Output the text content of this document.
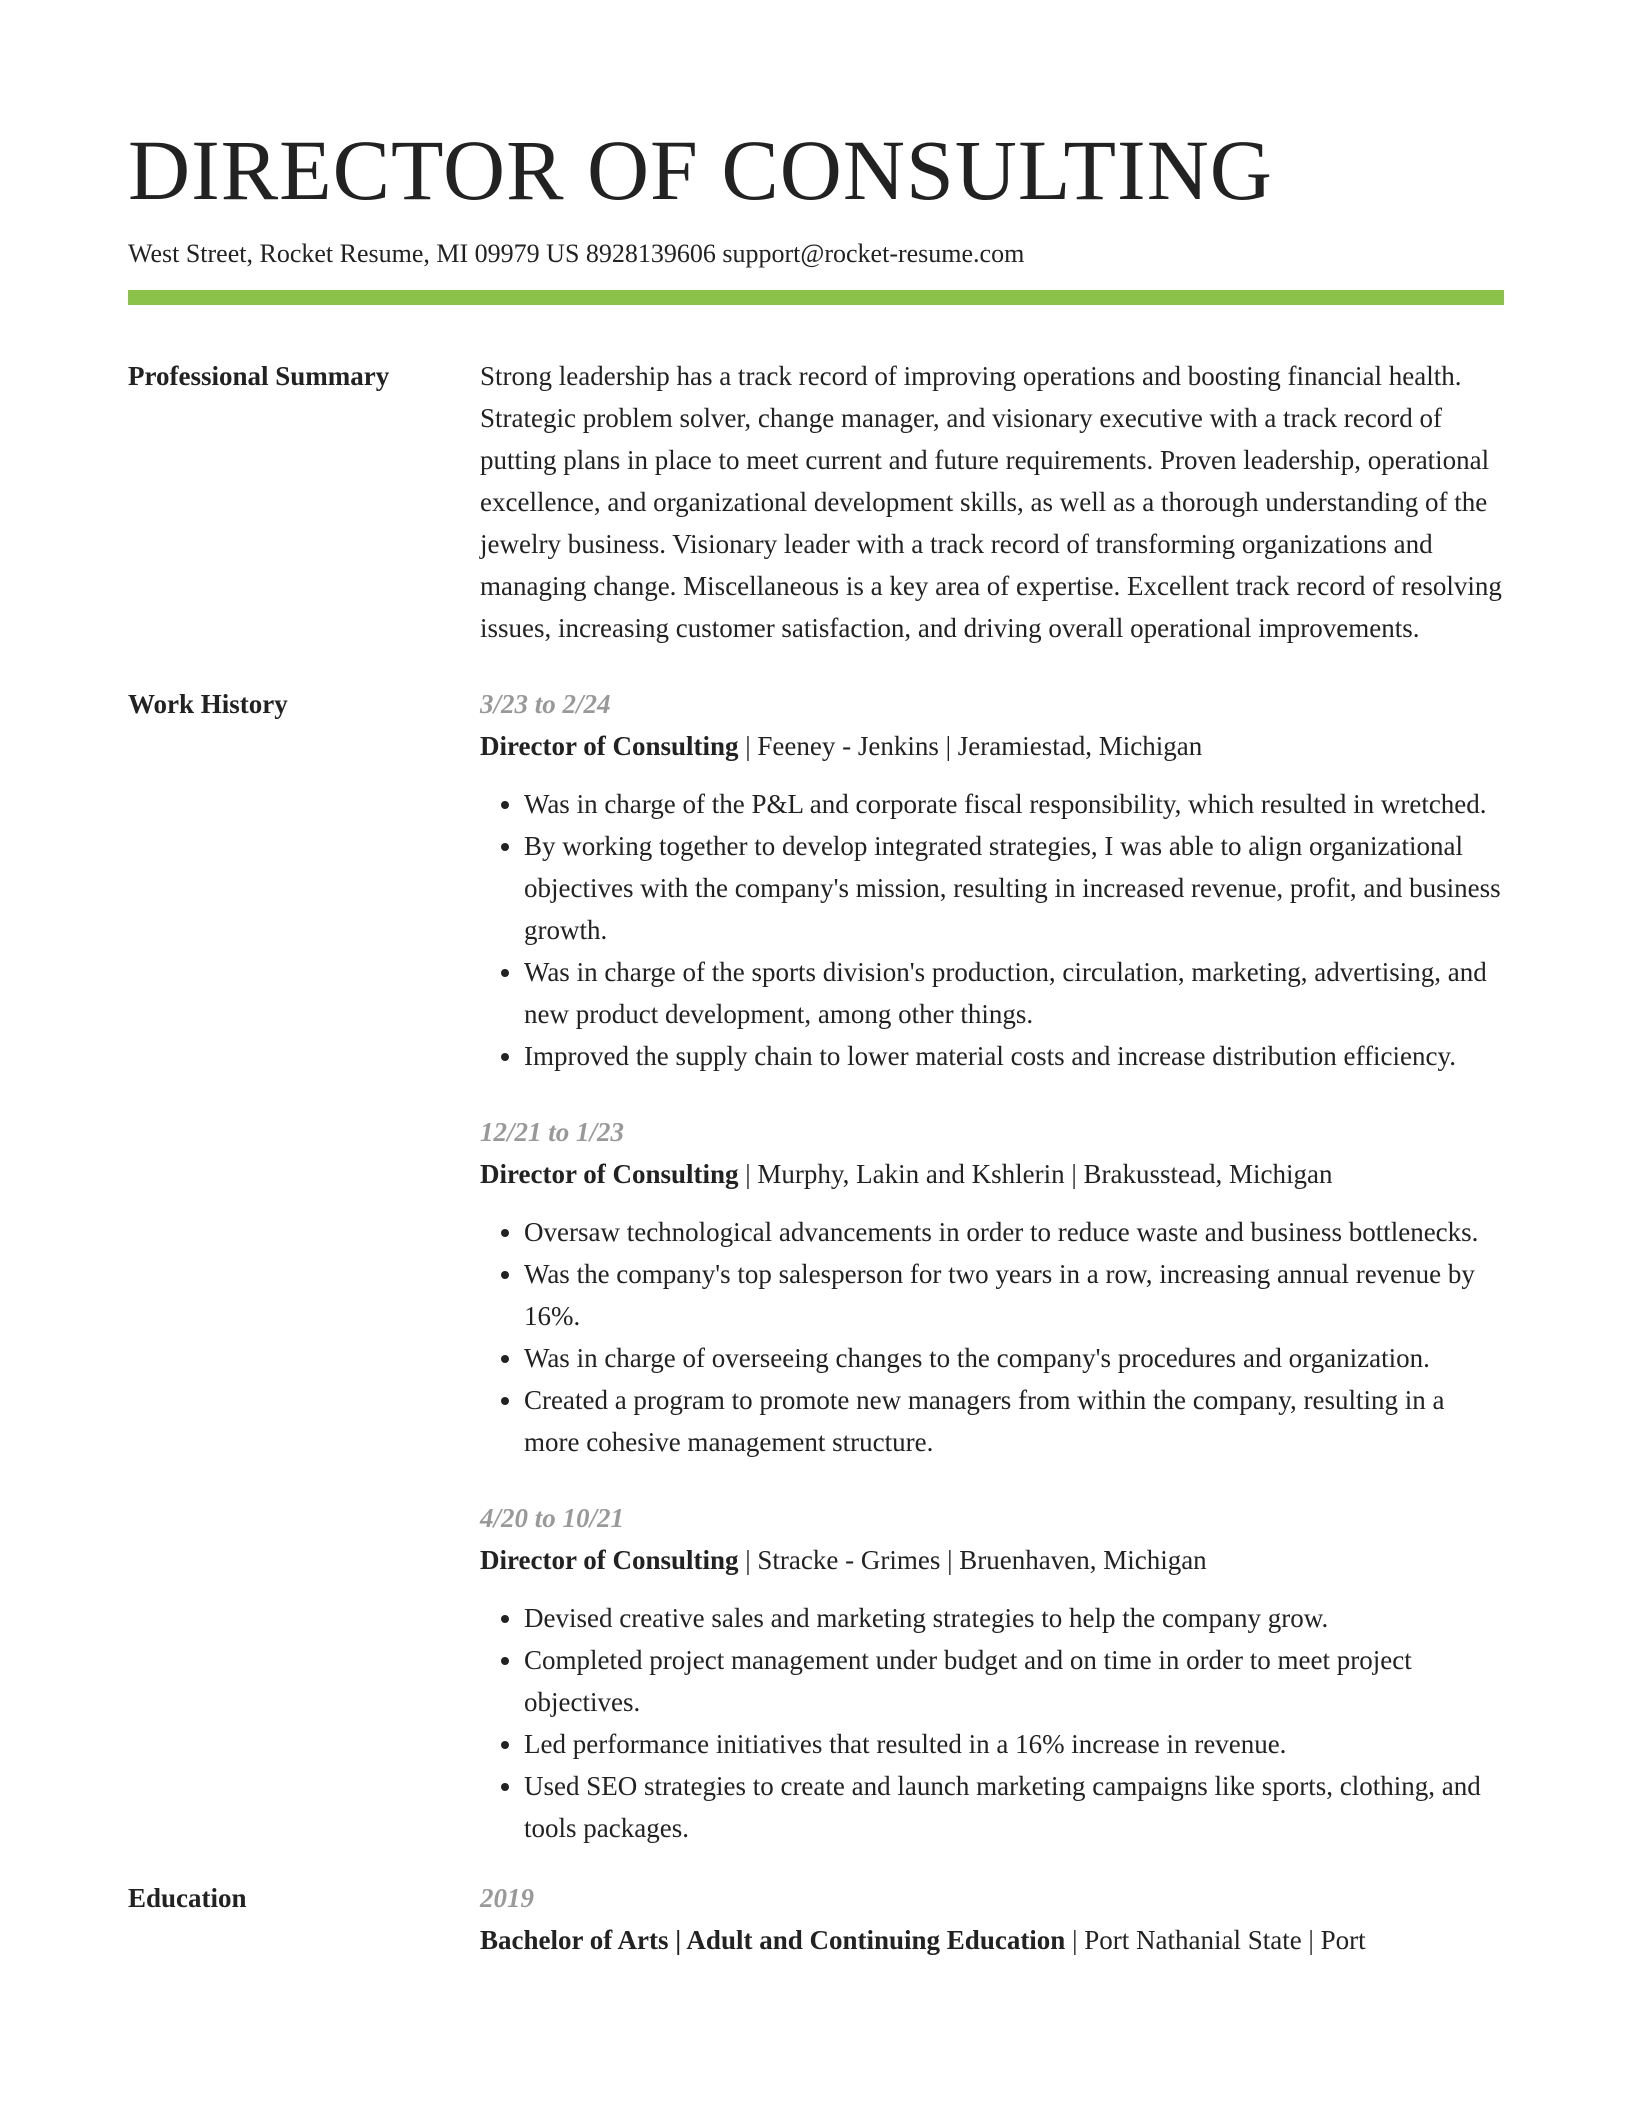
DIRECTOR OF CONSULTING
West Street, Rocket Resume, MI 09979 US 8928139606 support@rocket-resume.com
Professional Summary	Strong leadership has a track record of improving operations and boosting financial health. Strategic problem solver, change manager, and visionary executive with a track record of putting plans in place to meet current and future requirements. Proven leadership, operational excellence, and organizational development skills, as well as a thorough understanding of the jewelry business. Visionary leader with a track record of transforming organizations and managing change. Miscellaneous is a key area of expertise. Excellent track record of resolving issues, increasing customer satisfaction, and driving overall operational improvements.
Work History	3/23 to 2/24
Director of Consulting | Feeney - Jenkins | Jeramiestad, Michigan
• Was in charge of the P&L and corporate fiscal responsibility, which resulted in wretched.
• By working together to develop integrated strategies, I was able to align organizational objectives with the company's mission, resulting in increased revenue, profit, and business growth.
• Was in charge of the sports division's production, circulation, marketing, advertising, and new product development, among other things.
• Improved the supply chain to lower material costs and increase distribution efficiency.
12/21 to 1/23
Director of Consulting | Murphy, Lakin and Kshlerin | Brakusstead, Michigan
• Oversaw technological advancements in order to reduce waste and business bottlenecks.
• Was the company's top salesperson for two years in a row, increasing annual revenue by 16%.
• Was in charge of overseeing changes to the company's procedures and organization.
• Created a program to promote new managers from within the company, resulting in a more cohesive management structure.
4/20 to 10/21
Director of Consulting | Stracke - Grimes | Bruenhaven, Michigan
• Devised creative sales and marketing strategies to help the company grow.
• Completed project management under budget and on time in order to meet project objectives.
• Led performance initiatives that resulted in a 16% increase in revenue.
• Used SEO strategies to create and launch marketing campaigns like sports, clothing, and tools packages.
Education	2019
Bachelor of Arts | Adult and Continuing Education | Port Nathanial State | Port
